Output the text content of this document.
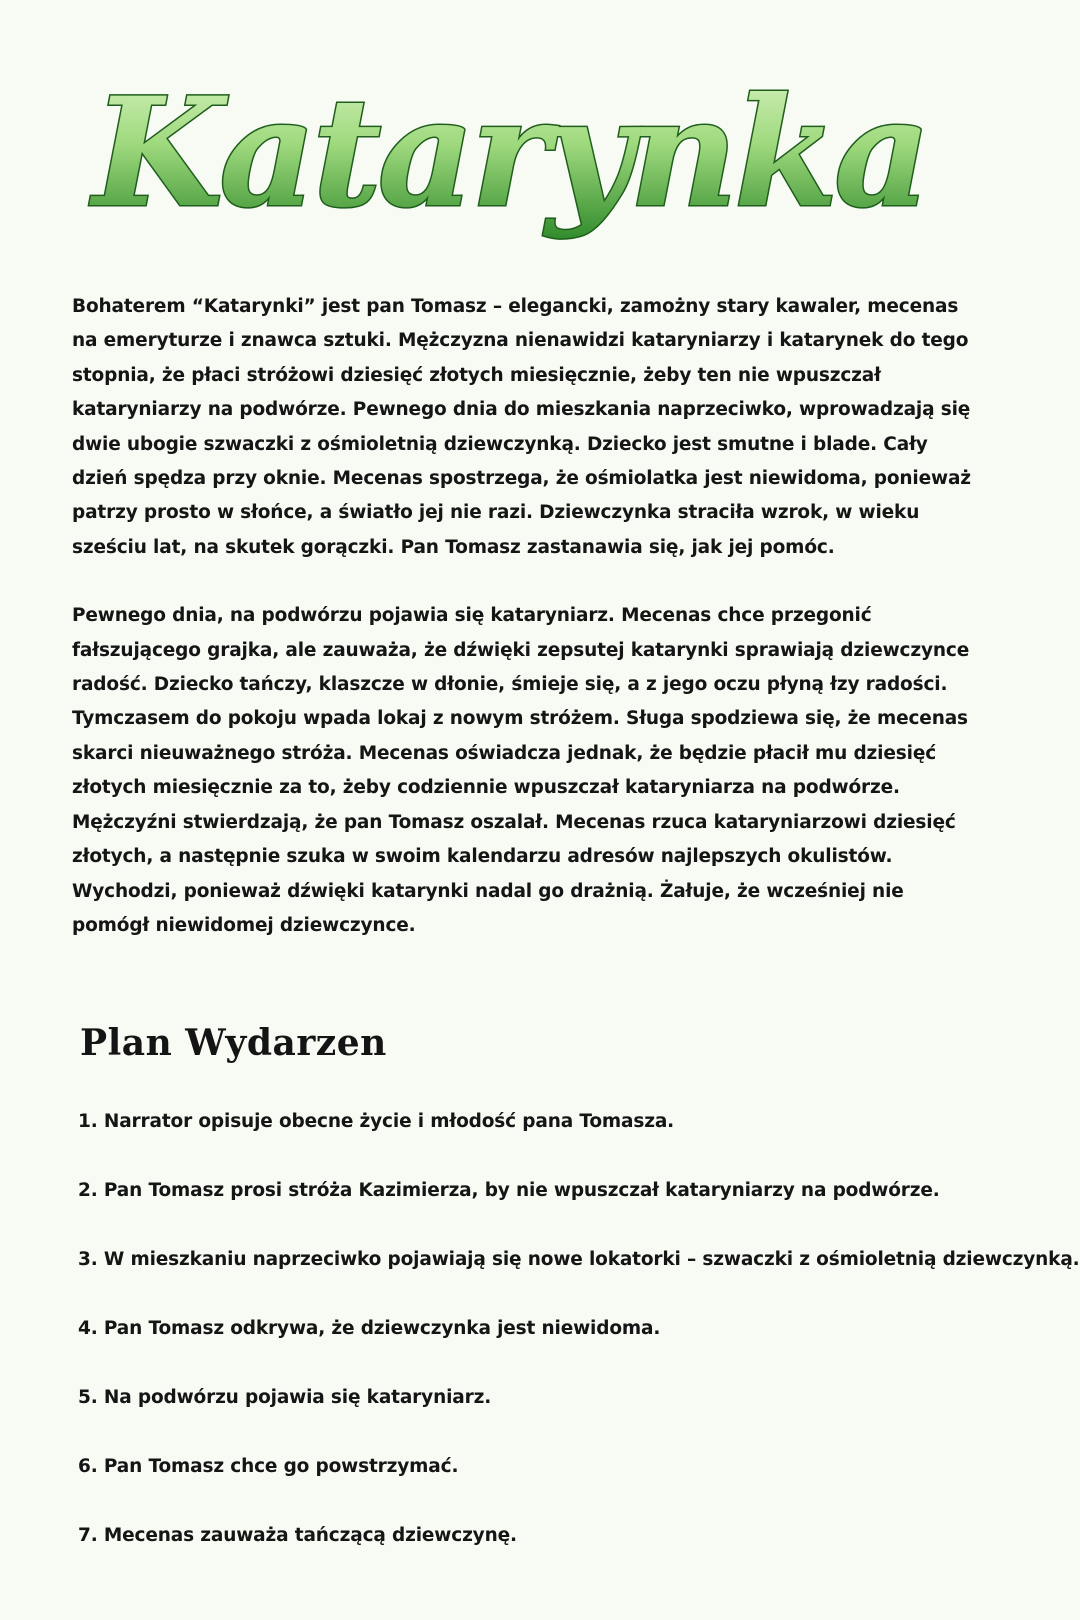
Katarynka

Bohaterem “Katarynki” jest pan Tomasz – elegancki, zamożny stary kawaler, mecenas na emeryturze i znawca sztuki. Mężczyzna nienawidzi kataryniarzy i katarynek do tego stopnia, że płaci stróżowi dziesięć złotych miesięcznie, żeby ten nie wpuszczał kataryniarzy na podwórze. Pewnego dnia do mieszkania naprzeciwko, wprowadzają się dwie ubogie szwaczki z ośmioletnią dziewczynką. Dziecko jest smutne i blade. Cały dzień spędza przy oknie. Mecenas spostrzega, że ośmiolatka jest niewidoma, ponieważ patrzy prosto w słońce, a światło jej nie razi. Dziewczynka straciła wzrok, w wieku sześciu lat, na skutek gorączki. Pan Tomasz zastanawia się, jak jej pomóc.

Pewnego dnia, na podwórzu pojawia się kataryniarz. Mecenas chce przegonić fałszującego grajka, ale zauważa, że dźwięki zepsutej katarynki sprawiają dziewczynce radość. Dziecko tańczy, klaszcze w dłonie, śmieje się, a z jego oczu płyną łzy radości. Tymczasem do pokoju wpada lokaj z nowym stróżem. Sługa spodziewa się, że mecenas skarci nieuważnego stróża. Mecenas oświadcza jednak, że będzie płacił mu dziesięć złotych miesięcznie za to, żeby codziennie wpuszczał kataryniarza na podwórze. Mężczyźni stwierdzają, że pan Tomasz oszalał. Mecenas rzuca kataryniarzowi dziesięć złotych, a następnie szuka w swoim kalendarzu adresów najlepszych okulistów. Wychodzi, ponieważ dźwięki katarynki nadal go drażnią. Żałuje, że wcześniej nie pomógł niewidomej dziewczynce.

Plan Wydarzen
1. Narrator opisuje obecne życie i młodość pana Tomasza.
2. Pan Tomasz prosi stróża Kazimierza, by nie wpuszczał kataryniarzy na podwórze.
3. W mieszkaniu naprzeciwko pojawiają się nowe lokatorki – szwaczki z ośmioletnią dziewczynką.
4. Pan Tomasz odkrywa, że dziewczynka jest niewidoma.
5. Na podwórzu pojawia się kataryniarz.
6. Pan Tomasz chce go powstrzymać.
7. Mecenas zauważa tańczącą dziewczynę.
